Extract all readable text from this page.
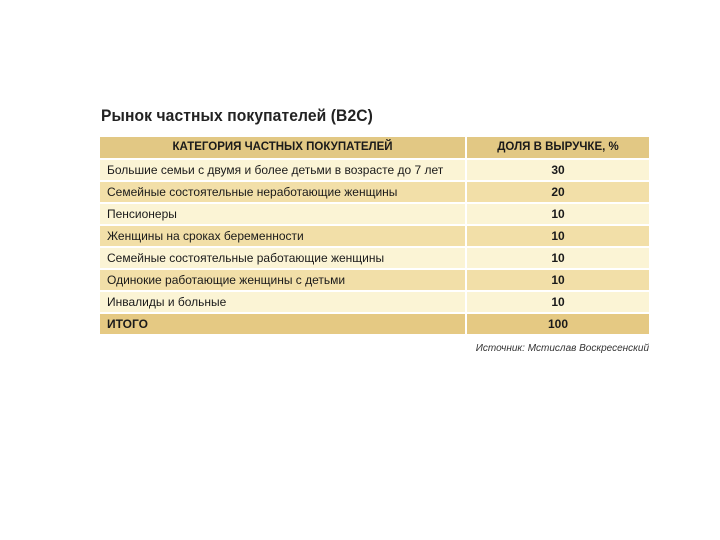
Рынок частных покупателей (B2C)
КАТЕГОРИЯ ЧАСТНЫХ ПОКУПАТЕЛЕЙ	ДОЛЯ В ВЫРУЧКЕ, %
Большие семьи с двумя и более детьми в возрасте до 7 лет	30
Семейные состоятельные неработающие женщины	20
Пенсионеры	10
Женщины на сроках беременности	10
Семейные состоятельные работающие женщины	10
Одинокие работающие женщины с детьми	10
Инвалиды и больные	10
ИТОГО	100
Источник: Мстислав Воскресенский
